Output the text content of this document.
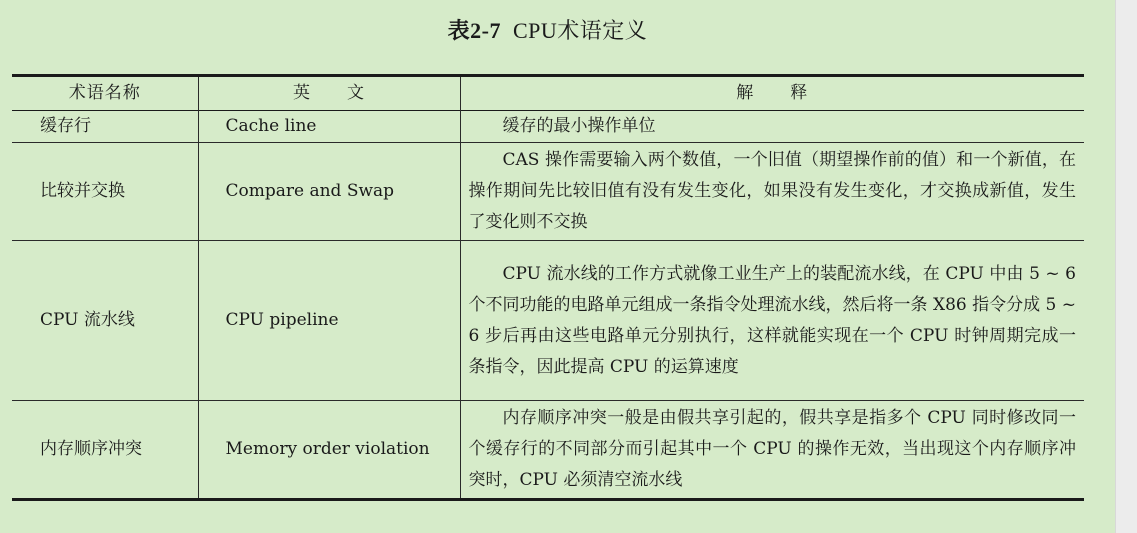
表2-7 CPU术语定义
术语名称	英　　文	解　　释
缓存行	Cache line	缓存的最小操作单位
比较并交换	Compare and Swap	CAS 操作需要输入两个数值，一个旧值（期望操作前的值）和一个新值，在操作期间先比较旧值有没有发生变化，如果没有发生变化，才交换成新值，发生了变化则不交换
CPU 流水线	CPU pipeline	CPU 流水线的工作方式就像工业生产上的装配流水线，在 CPU 中由 5 ~ 6 个不同功能的电路单元组成一条指令处理流水线，然后将一条 X86 指令分成 5 ~ 6 步后再由这些电路单元分别执行，这样就能实现在一个 CPU 时钟周期完成一条指令，因此提高 CPU 的运算速度
内存顺序冲突	Memory order violation	内存顺序冲突一般是由假共享引起的，假共享是指多个 CPU 同时修改同一个缓存行的不同部分而引起其中一个 CPU 的操作无效，当出现这个内存顺序冲突时，CPU 必须清空流水线
